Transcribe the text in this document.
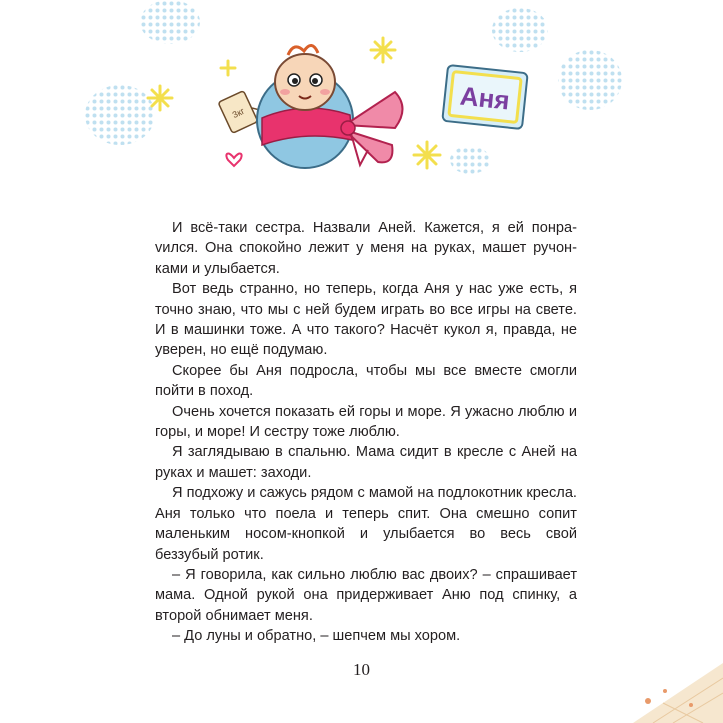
3кг	Аня

И всё-таки сестра. Назвали Аней. Кажется, я ей понраvился. Она спокойно лежит у меня на руках, машет ручонками и улыбается.

Вот ведь странно, но теперь, когда Аня у нас уже есть, я точно знаю, что мы с ней будем играть во все игры на свете. И в машинки тоже. А что такого? Насчёт кукол я, правда, не уверен, но ещё подумаю.

Скорее бы Аня подросла, чтобы мы все вместе смогли пойти в поход.

Очень хочется показать ей горы и море. Я ужасно люблю и горы, и море! И сестру тоже люблю.

Я заглядываю в спальню. Мама сидит в кресле с Аней на руках и машет: заходи.

Я подхожу и сажусь рядом с мамой на подлокотник кресла. Аня только что поела и теперь спит. Она смешно сопит маленьким носом-кнопкой и улыбается во весь свой беззубый ротик.

– Я говорила, как сильно люблю вас двоих? – спрашивает мама. Одной рукой она придерживает Аню под спинку, а второй обнимает меня.

– До луны и обратно, – шепчем мы хором.

10
